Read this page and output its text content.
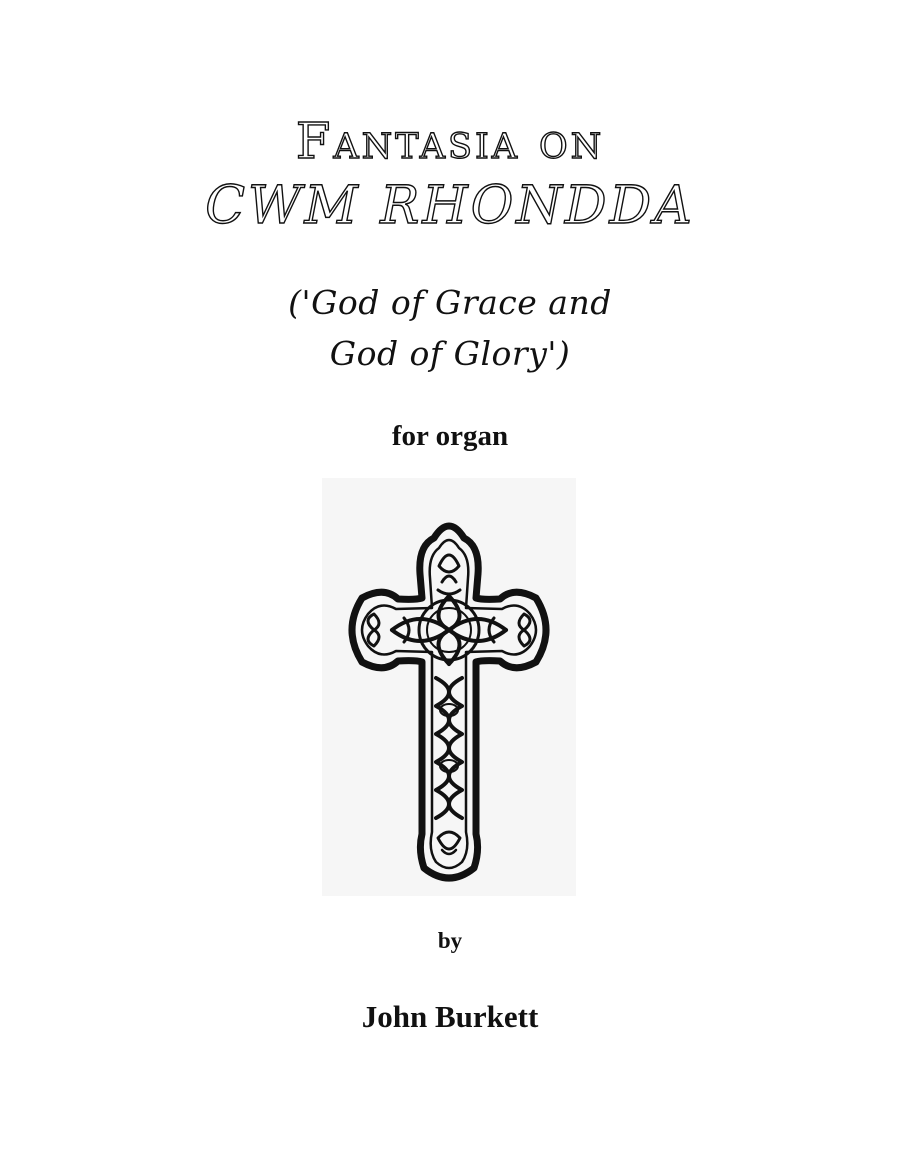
Fantasia on
CWM RHONDDA
('God of Grace and
God of Glory')
for organ
by
John Burkett
